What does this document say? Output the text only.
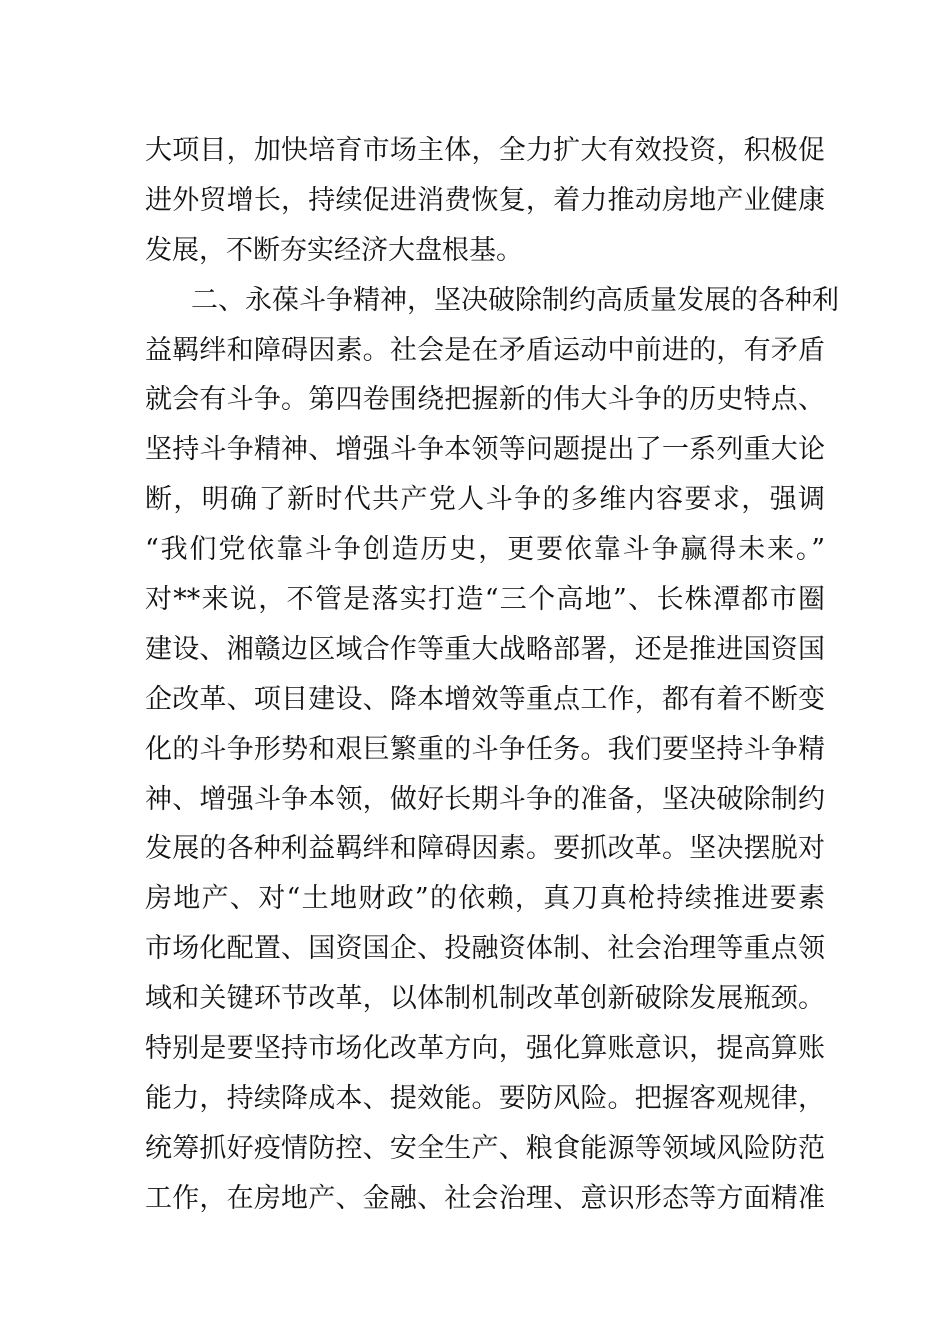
大项目，加快培育市场主体，全力扩大有效投资，积极促
进外贸增长，持续促进消费恢复，着力推动房地产业健康
发展，不断夯实经济大盘根基。
二、永葆斗争精神，坚决破除制约高质量发展的各种利
益羁绊和障碍因素。社会是在矛盾运动中前进的，有矛盾
就会有斗争。第四卷围绕把握新的伟大斗争的历史特点、
坚持斗争精神、增强斗争本领等问题提出了一系列重大论
断，明确了新时代共产党人斗争的多维内容要求，强调
“我们党依靠斗争创造历史，更要依靠斗争赢得未来。”
对**来说，不管是落实打造“三个高地”、长株潭都市圈
建设、湘赣边区域合作等重大战略部署，还是推进国资国
企改革、项目建设、降本增效等重点工作，都有着不断变
化的斗争形势和艰巨繁重的斗争任务。我们要坚持斗争精
神、增强斗争本领，做好长期斗争的准备，坚决破除制约
发展的各种利益羁绊和障碍因素。要抓改革。坚决摆脱对
房地产、对“土地财政”的依赖，真刀真枪持续推进要素
市场化配置、国资国企、投融资体制、社会治理等重点领
域和关键环节改革，以体制机制改革创新破除发展瓶颈。
特别是要坚持市场化改革方向，强化算账意识，提高算账
能力，持续降成本、提效能。要防风险。把握客观规律，
统筹抓好疫情防控、安全生产、粮食能源等领域风险防范
工作，在房地产、金融、社会治理、意识形态等方面精准
